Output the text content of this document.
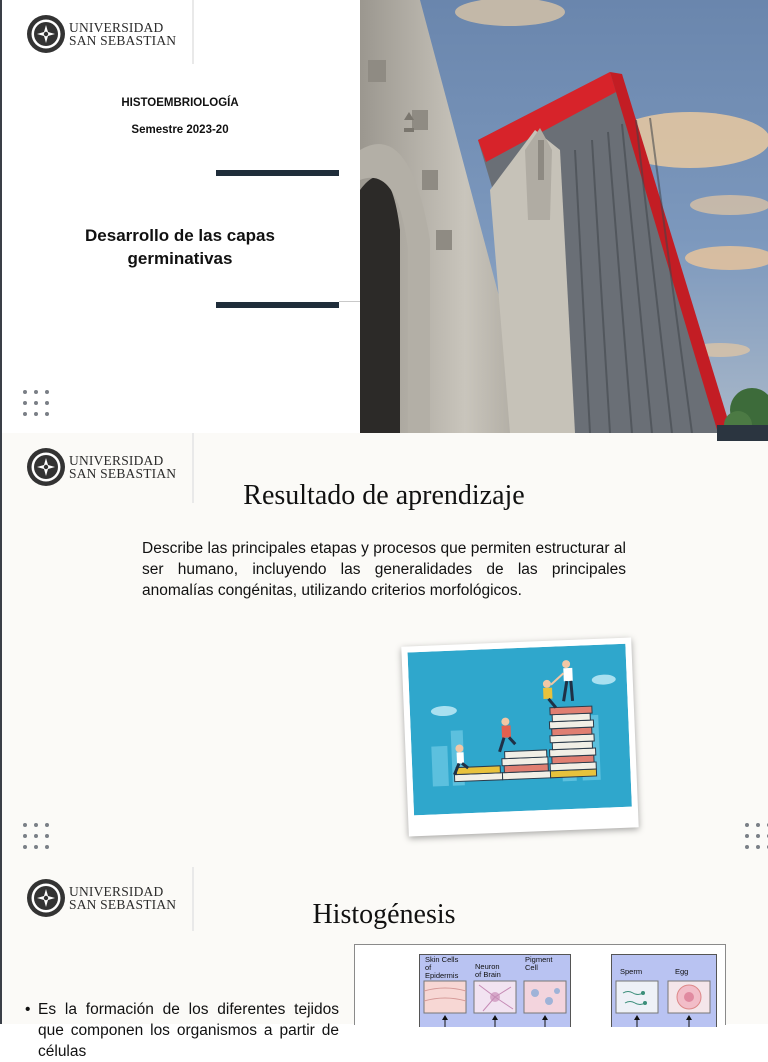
UNIVERSIDAD
SAN SEBASTIAN
HISTOEMBRIOLOGÍA
Semestre 2023-20
Desarrollo de las capas
germinativas
UNIVERSIDAD
SAN SEBASTIAN
Resultado de aprendizaje
Describe las principales etapas y procesos que permiten estructurar al ser humano, incluyendo las generalidades de las principales anomalías congénitas, utilizando criterios morfológicos.
UNIVERSIDAD
SAN SEBASTIAN	Histogénesis
• Es la formación de los diferentes tejidos que componen los organismos a partir de células
Skin Cells of Epidermis
Neuron of Brain
Pigment Cell	Sperm	Egg
